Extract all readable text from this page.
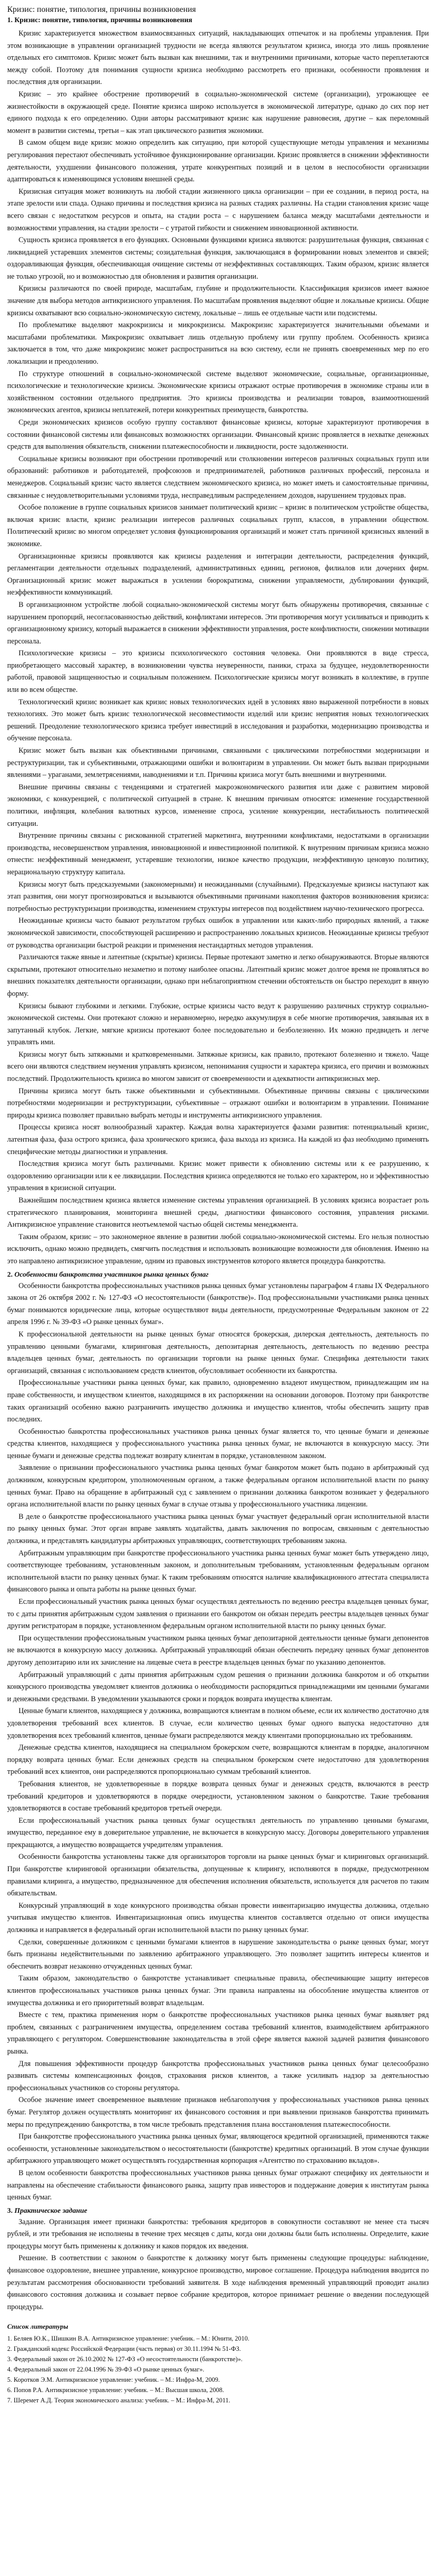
Кризис: понятие, типология, причины возникновения
1. Кризис: понятие, типология, причины возникновения

Кризис характеризуется множеством взаимосвязанных ситуаций, накладывающих отпечаток и на проблемы управления. При этом возникающие в управлении организацией трудности не всегда являются результатом кризиса, иногда это лишь проявление отдельных его симптомов. Кризис может быть вызван как внешними, так и внутренними причинами, которые часто переплетаются между собой. Поэтому для понимания сущности кризиса необходимо рассмотреть его признаки, особенности проявления и последствия для организации.

Кризис – это крайнее обострение противоречий в социально-экономической системе (организации), угрожающее ее жизнестойкости в окружающей среде. Понятие кризиса широко используется в экономической литературе, однако до сих пор нет единого подхода к его определению. Одни авторы рассматривают кризис как нарушение равновесия, другие – как переломный момент в развитии системы, третьи – как этап циклического развития экономики.

В самом общем виде кризис можно определить как ситуацию, при которой существующие методы управления и механизмы регулирования перестают обеспечивать устойчивое функционирование организации. Кризис проявляется в снижении эффективности деятельности, ухудшении финансового положения, утрате конкурентных позиций и в целом в неспособности организации адаптироваться к изменяющимся условиям внешней среды.

Кризисная ситуация может возникнуть на любой стадии жизненного цикла организации – при ее создании, в период роста, на этапе зрелости или спада. Однако причины и последствия кризиса на разных стадиях различны. На стадии становления кризис чаще всего связан с недостатком ресурсов и опыта, на стадии роста – с нарушением баланса между масштабами деятельности и возможностями управления, на стадии зрелости – с утратой гибкости и снижением инновационной активности.

Сущность кризиса проявляется в его функциях. Основными функциями кризиса являются: разрушительная функция, связанная с ликвидацией устаревших элементов системы; созидательная функция, заключающаяся в формировании новых элементов и связей; оздоравливающая функция, обеспечивающая очищение системы от неэффективных составляющих. Таким образом, кризис является не только угрозой, но и возможностью для обновления и развития организации.

Кризисы различаются по своей природе, масштабам, глубине и продолжительности. Классификация кризисов имеет важное значение для выбора методов антикризисного управления. По масштабам проявления выделяют общие и локальные кризисы. Общие кризисы охватывают всю социально-экономическую систему, локальные – лишь ее отдельные части или подсистемы.

По проблематике выделяют макрокризисы и микрокризисы. Макрокризис характеризуется значительными объемами и масштабами проблематики. Микрокризис охватывает лишь отдельную проблему или группу проблем. Особенность кризиса заключается в том, что даже микрокризис может распространиться на всю систему, если не принять своевременных мер по его локализации и преодолению.

По структуре отношений в социально-экономической системе выделяют экономические, социальные, организационные, психологические и технологические кризисы. Экономические кризисы отражают острые противоречия в экономике страны или в хозяйственном состоянии отдельного предприятия. Это кризисы производства и реализации товаров, взаимоотношений экономических агентов, кризисы неплатежей, потери конкурентных преимуществ, банкротства.

Среди экономических кризисов особую группу составляют финансовые кризисы, которые характеризуют противоречия в состоянии финансовой системы или финансовых возможностях организации. Финансовый кризис проявляется в нехватке денежных средств для выполнения обязательств, снижении платежеспособности и ликвидности, росте задолженности.

Социальные кризисы возникают при обострении противоречий или столкновении интересов различных социальных групп или образований: работников и работодателей, профсоюзов и предпринимателей, работников различных профессий, персонала и менеджеров. Социальный кризис часто является следствием экономического кризиса, но может иметь и самостоятельные причины, связанные с неудовлетворительными условиями труда, несправедливым распределением доходов, нарушением трудовых прав.

Особое положение в группе социальных кризисов занимает политический кризис – кризис в политическом устройстве общества, включая кризис власти, кризис реализации интересов различных социальных групп, классов, в управлении обществом. Политический кризис во многом определяет условия функционирования организаций и может стать причиной кризисных явлений в экономике.

Организационные кризисы проявляются как кризисы разделения и интеграции деятельности, распределения функций, регламентации деятельности отдельных подразделений, административных единиц, регионов, филиалов или дочерних фирм. Организационный кризис может выражаться в усилении бюрократизма, снижении управляемости, дублировании функций, неэффективности коммуникаций.

В организационном устройстве любой социально-экономической системы могут быть обнаружены противоречия, связанные с нарушением пропорций, несогласованностью действий, конфликтами интересов. Эти противоречия могут усиливаться и приводить к организационному кризису, который выражается в снижении эффективности управления, росте конфликтности, снижении мотивации персонала.

Психологические кризисы – это кризисы психологического состояния человека. Они проявляются в виде стресса, приобретающего массовый характер, в возникновении чувства неуверенности, паники, страха за будущее, неудовлетворенности работой, правовой защищенностью и социальным положением. Психологические кризисы могут возникать в коллективе, в группе или во всем обществе.

Технологический кризис возникает как кризис новых технологических идей в условиях явно выраженной потребности в новых технологиях. Это может быть кризис технологической несовместимости изделий или кризис неприятия новых технологических решений. Преодоление технологического кризиса требует инвестиций в исследования и разработки, модернизацию производства и обучение персонала.

Кризис может быть вызван как объективными причинами, связанными с циклическими потребностями модернизации и реструктуризации, так и субъективными, отражающими ошибки и волюнтаризм в управлении. Он может быть вызван природными явлениями – ураганами, землетрясениями, наводнениями и т.п. Причины кризиса могут быть внешними и внутренними.

Внешние причины связаны с тенденциями и стратегией макроэкономического развития или даже с развитием мировой экономики, с конкуренцией, с политической ситуацией в стране. К внешним причинам относятся: изменение государственной политики, инфляция, колебания валютных курсов, изменение спроса, усиление конкуренции, нестабильность политической ситуации.

Внутренние причины связаны с рискованной стратегией маркетинга, внутренними конфликтами, недостатками в организации производства, несовершенством управления, инновационной и инвестиционной политикой. К внутренним причинам кризиса можно отнести: неэффективный менеджмент, устаревшие технологии, низкое качество продукции, неэффективную ценовую политику, нерациональную структуру капитала.

Кризисы могут быть предсказуемыми (закономерными) и неожиданными (случайными). Предсказуемые кризисы наступают как этап развития, они могут прогнозироваться и вызываются объективными причинами накопления факторов возникновения кризиса: потребностью реструктуризации производства, изменением структуры интересов под воздействием научно-технического прогресса.

Неожиданные кризисы часто бывают результатом грубых ошибок в управлении или каких-либо природных явлений, а также экономической зависимости, способствующей расширению и распространению локальных кризисов. Неожиданные кризисы требуют от руководства организации быстрой реакции и применения нестандартных методов управления.

Различаются также явные и латентные (скрытые) кризисы. Первые протекают заметно и легко обнаруживаются. Вторые являются скрытыми, протекают относительно незаметно и потому наиболее опасны. Латентный кризис может долгое время не проявляться во внешних показателях деятельности организации, однако при неблагоприятном стечении обстоятельств он быстро переходит в явную форму.

Кризисы бывают глубокими и легкими. Глубокие, острые кризисы часто ведут к разрушению различных структур социально-экономической системы. Они протекают сложно и неравномерно, нередко аккумулируя в себе многие противоречия, завязывая их в запутанный клубок. Легкие, мягкие кризисы протекают более последовательно и безболезненно. Их можно предвидеть и легче управлять ими.

Кризисы могут быть затяжными и кратковременными. Затяжные кризисы, как правило, протекают болезненно и тяжело. Чаще всего они являются следствием неумения управлять кризисом, непонимания сущности и характера кризиса, его причин и возможных последствий. Продолжительность кризиса во многом зависит от своевременности и адекватности антикризисных мер.

Причины кризиса могут быть также объективными и субъективными. Объективные причины связаны с циклическими потребностями модернизации и реструктуризации, субъективные – отражают ошибки и волюнтаризм в управлении. Понимание природы кризиса позволяет правильно выбрать методы и инструменты антикризисного управления.

Процессы кризиса носят волнообразный характер. Каждая волна характеризуется фазами развития: потенциальный кризис, латентная фаза, фаза острого кризиса, фаза хронического кризиса, фаза выхода из кризиса. На каждой из фаз необходимо применять специфические методы диагностики и управления.

Последствия кризиса могут быть различными. Кризис может привести к обновлению системы или к ее разрушению, к оздоровлению организации или к ее ликвидации. Последствия кризиса определяются не только его характером, но и эффективностью управления в кризисной ситуации.

Важнейшим последствием кризиса является изменение системы управления организацией. В условиях кризиса возрастает роль стратегического планирования, мониторинга внешней среды, диагностики финансового состояния, управления рисками. Антикризисное управление становится неотъемлемой частью общей системы менеджмента.

Таким образом, кризис – это закономерное явление в развитии любой социально-экономической системы. Его нельзя полностью исключить, однако можно предвидеть, смягчить последствия и использовать возникающие возможности для обновления. Именно на это направлено антикризисное управление, одним из правовых инструментов которого является процедура банкротства.

2. Особенности банкротства участников рынка ценных бумаг

Особенности банкротства профессиональных участников рынка ценных бумаг установлены параграфом 4 главы IX Федерального закона от 26 октября 2002 г. № 127-ФЗ «О несостоятельности (банкротстве)». Под профессиональными участниками рынка ценных бумаг понимаются юридические лица, которые осуществляют виды деятельности, предусмотренные Федеральным законом от 22 апреля 1996 г. № 39-ФЗ «О рынке ценных бумаг».

К профессиональной деятельности на рынке ценных бумаг относятся брокерская, дилерская деятельность, деятельность по управлению ценными бумагами, клиринговая деятельность, депозитарная деятельность, деятельность по ведению реестра владельцев ценных бумаг, деятельность по организации торговли на рынке ценных бумаг. Специфика деятельности таких организаций, связанная с использованием средств клиентов, обусловливает особенности их банкротства.

Профессиональные участники рынка ценных бумаг, как правило, одновременно владеют имуществом, принадлежащим им на праве собственности, и имуществом клиентов, находящимся в их распоряжении на основании договоров. Поэтому при банкротстве таких организаций особенно важно разграничить имущество должника и имущество клиентов, чтобы обеспечить защиту прав последних.

Особенностью банкротства профессиональных участников рынка ценных бумаг является то, что ценные бумаги и денежные средства клиентов, находящиеся у профессионального участника рынка ценных бумаг, не включаются в конкурсную массу. Эти ценные бумаги и денежные средства подлежат возврату клиентам в порядке, установленном законом.

Заявление о признании профессионального участника рынка ценных бумаг банкротом может быть подано в арбитражный суд должником, конкурсным кредитором, уполномоченным органом, а также федеральным органом исполнительной власти по рынку ценных бумаг. Право на обращение в арбитражный суд с заявлением о признании должника банкротом возникает у федерального органа исполнительной власти по рынку ценных бумаг в случае отзыва у профессионального участника лицензии.

В деле о банкротстве профессионального участника рынка ценных бумаг участвует федеральный орган исполнительной власти по рынку ценных бумаг. Этот орган вправе заявлять ходатайства, давать заключения по вопросам, связанным с деятельностью должника, и представлять кандидатуры арбитражных управляющих, соответствующих требованиям закона.

Арбитражным управляющим при банкротстве профессионального участника рынка ценных бумаг может быть утверждено лицо, соответствующее требованиям, установленным законом, и дополнительным требованиям, установленным федеральным органом исполнительной власти по рынку ценных бумаг. К таким требованиям относятся наличие квалификационного аттестата специалиста финансового рынка и опыта работы на рынке ценных бумаг.

Если профессиональный участник рынка ценных бумаг осуществлял деятельность по ведению реестра владельцев ценных бумаг, то с даты принятия арбитражным судом заявления о признании его банкротом он обязан передать реестры владельцев ценных бумаг другим регистраторам в порядке, установленном федеральным органом исполнительной власти по рынку ценных бумаг.

При осуществлении профессиональным участником рынка ценных бумаг депозитарной деятельности ценные бумаги депонентов не включаются в конкурсную массу должника. Арбитражный управляющий обязан обеспечить передачу ценных бумаг депонентов другому депозитарию или их зачисление на лицевые счета в реестре владельцев ценных бумаг по указанию депонентов.

Арбитражный управляющий с даты принятия арбитражным судом решения о признании должника банкротом и об открытии конкурсного производства уведомляет клиентов должника о необходимости распорядиться принадлежащими им ценными бумагами и денежными средствами. В уведомлении указываются сроки и порядок возврата имущества клиентам.

Ценные бумаги клиентов, находящиеся у должника, возвращаются клиентам в полном объеме, если их количество достаточно для удовлетворения требований всех клиентов. В случае, если количество ценных бумаг одного выпуска недостаточно для удовлетворения всех требований клиентов, ценные бумаги распределяются между клиентами пропорционально их требованиям.

Денежные средства клиентов, находящиеся на специальном брокерском счете, возвращаются клиентам в порядке, аналогичном порядку возврата ценных бумаг. Если денежных средств на специальном брокерском счете недостаточно для удовлетворения требований всех клиентов, они распределяются пропорционально суммам требований клиентов.

Требования клиентов, не удовлетворенные в порядке возврата ценных бумаг и денежных средств, включаются в реестр требований кредиторов и удовлетворяются в порядке очередности, установленном законом о банкротстве. Такие требования удовлетворяются в составе требований кредиторов третьей очереди.

Если профессиональный участник рынка ценных бумаг осуществлял деятельность по управлению ценными бумагами, имущество, переданное ему в доверительное управление, не включается в конкурсную массу. Договоры доверительного управления прекращаются, а имущество возвращается учредителям управления.

Особенности банкротства установлены также для организаторов торговли на рынке ценных бумаг и клиринговых организаций. При банкротстве клиринговой организации обязательства, допущенные к клирингу, исполняются в порядке, предусмотренном правилами клиринга, а имущество, предназначенное для обеспечения исполнения обязательств, используется для расчетов по таким обязательствам.

Конкурсный управляющий в ходе конкурсного производства обязан провести инвентаризацию имущества должника, отдельно учитывая имущество клиентов. Инвентаризационная опись имущества клиентов составляется отдельно от описи имущества должника и направляется в федеральный орган исполнительной власти по рынку ценных бумаг.

Сделки, совершенные должником с ценными бумагами клиентов в нарушение законодательства о рынке ценных бумаг, могут быть признаны недействительными по заявлению арбитражного управляющего. Это позволяет защитить интересы клиентов и обеспечить возврат незаконно отчужденных ценных бумаг.

Таким образом, законодательство о банкротстве устанавливает специальные правила, обеспечивающие защиту интересов клиентов профессиональных участников рынка ценных бумаг. Эти правила направлены на обособление имущества клиентов от имущества должника и его приоритетный возврат владельцам.

Вместе с тем, практика применения норм о банкротстве профессиональных участников рынка ценных бумаг выявляет ряд проблем, связанных с разграничением имущества, определением состава требований клиентов, взаимодействием арбитражного управляющего с регулятором. Совершенствование законодательства в этой сфере является важной задачей развития финансового рынка.

Для повышения эффективности процедур банкротства профессиональных участников рынка ценных бумаг целесообразно развивать системы компенсационных фондов, страхования рисков клиентов, а также усиливать надзор за деятельностью профессиональных участников со стороны регулятора.

Особое значение имеет своевременное выявление признаков неблагополучия у профессиональных участников рынка ценных бумаг. Регулятор должен осуществлять мониторинг их финансового состояния и при выявлении признаков банкротства принимать меры по предупреждению банкротства, в том числе требовать представления плана восстановления платежеспособности.

При банкротстве профессионального участника рынка ценных бумаг, являющегося кредитной организацией, применяются также особенности, установленные законодательством о несостоятельности (банкротстве) кредитных организаций. В этом случае функции арбитражного управляющего может осуществлять государственная корпорация «Агентство по страхованию вкладов».

В целом особенности банкротства профессиональных участников рынка ценных бумаг отражают специфику их деятельности и направлены на обеспечение стабильности финансового рынка, защиту прав инвесторов и поддержание доверия к институтам рынка ценных бумаг.

3. Практическое задание

Задание. Организация имеет признаки банкротства: требования кредиторов в совокупности составляют не менее ста тысяч рублей, и эти требования не исполнены в течение трех месяцев с даты, когда они должны были быть исполнены. Определите, какие процедуры могут быть применены к должнику и каков порядок их введения.

Решение. В соответствии с законом о банкротстве к должнику могут быть применены следующие процедуры: наблюдение, финансовое оздоровление, внешнее управление, конкурсное производство, мировое соглашение. Процедура наблюдения вводится по результатам рассмотрения обоснованности требований заявителя. В ходе наблюдения временный управляющий проводит анализ финансового состояния должника и созывает первое собрание кредиторов, которое принимает решение о введении последующей процедуры.

Список литературы
1. Беляев Ю.К., Шишкин В.А. Антикризисное управление: учебник. – М.: Юнити, 2010.
2. Гражданский кодекс Российской Федерации (часть первая) от 30.11.1994 № 51-ФЗ.
3. Федеральный закон от 26.10.2002 № 127-ФЗ «О несостоятельности (банкротстве)».
4. Федеральный закон от 22.04.1996 № 39-ФЗ «О рынке ценных бумаг».
5. Коротков Э.М. Антикризисное управление: учебник. – М.: Инфра-М, 2009.
6. Попов Р.А. Антикризисное управление: учебник. – М.: Высшая школа, 2008.
7. Шеремет А.Д. Теория экономического анализа: учебник. – М.: Инфра-М, 2011.
